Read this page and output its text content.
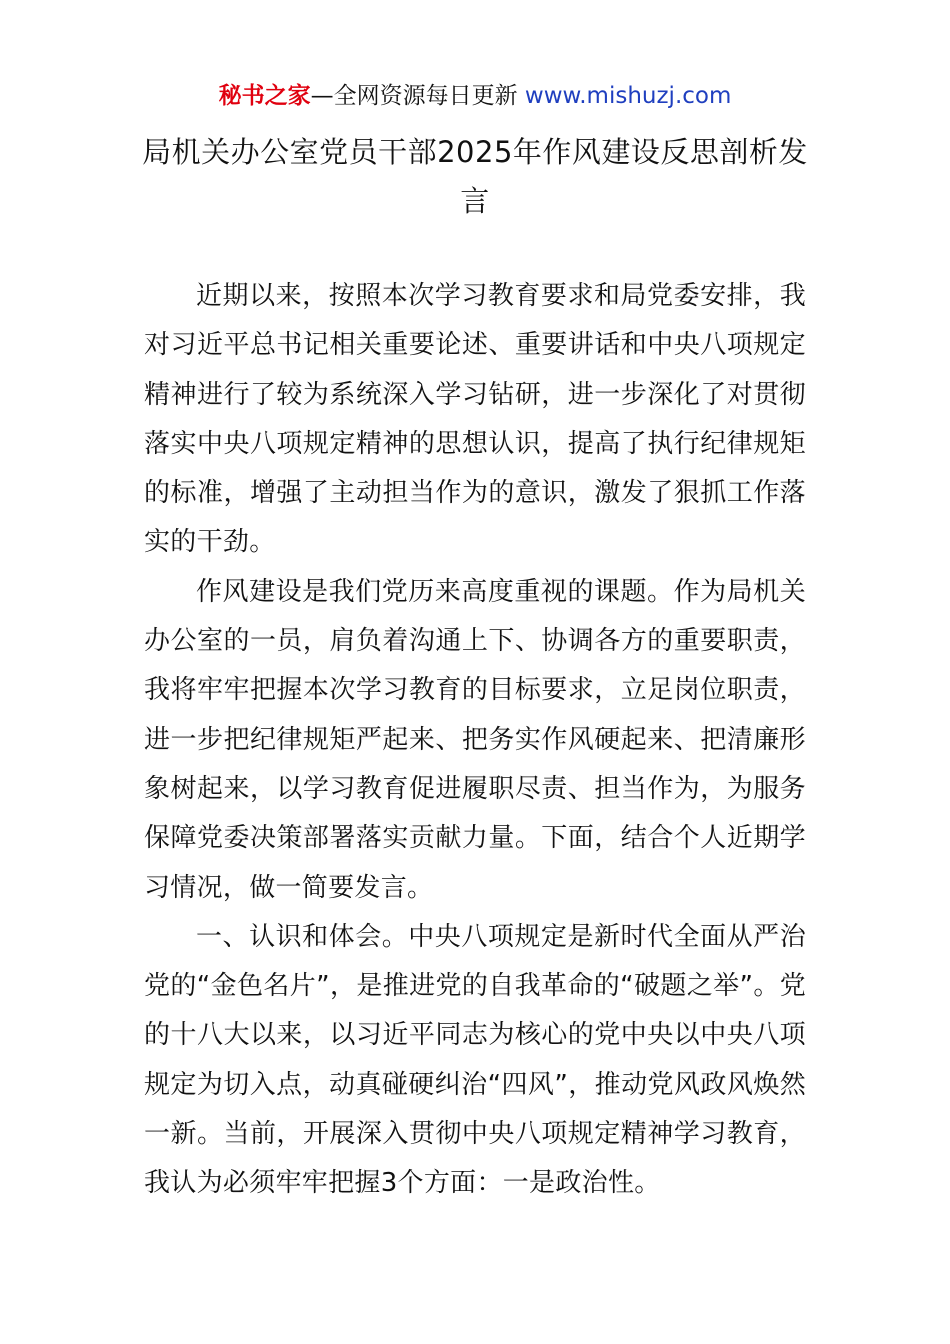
秘书之家—全网资源每日更新 www.mishuzj.com
局机关办公室党员干部2025年作风建设反思剖析发言

近期以来，按照本次学习教育要求和局党委安排，我对习近平总书记相关重要论述、重要讲话和中央八项规定精神进行了较为系统深入学习钻研，进一步深化了对贯彻落实中央八项规定精神的思想认识，提高了执行纪律规矩的标准，增强了主动担当作为的意识，激发了狠抓工作落实的干劲。

作风建设是我们党历来高度重视的课题。作为局机关办公室的一员，肩负着沟通上下、协调各方的重要职责，我将牢牢把握本次学习教育的目标要求，立足岗位职责，进一步把纪律规矩严起来、把务实作风硬起来、把清廉形象树起来，以学习教育促进履职尽责、担当作为，为服务保障党委决策部署落实贡献力量。下面，结合个人近期学习情况，做一简要发言。

一、认识和体会。中央八项规定是新时代全面从严治党的“金色名片”，是推进党的自我革命的“破题之举”。党的十八大以来，以习近平同志为核心的党中央以中央八项规定为切入点，动真碰硬纠治“四风”，推动党风政风焕然一新。当前，开展深入贯彻中央八项规定精神学习教育，我认为必须牢牢把握3个方面：一是政治性。
